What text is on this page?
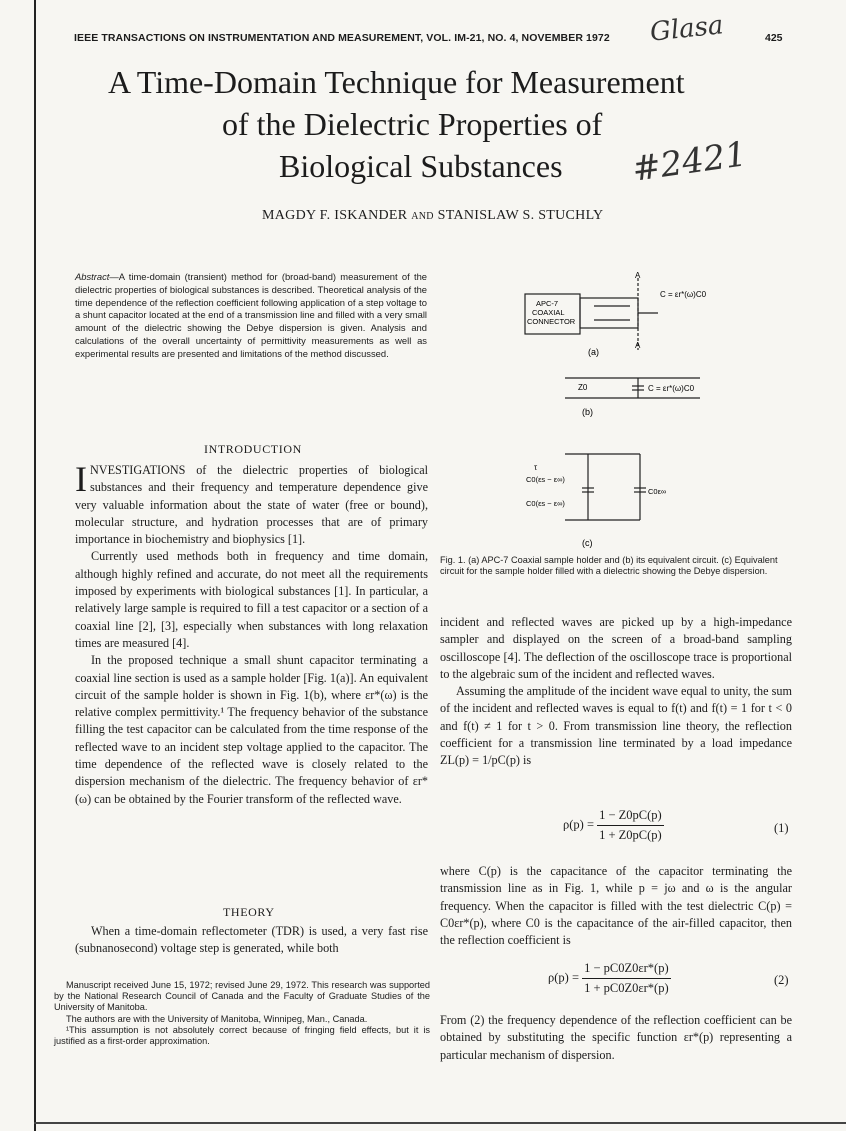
IEEE TRANSACTIONS ON INSTRUMENTATION AND MEASUREMENT, VOL. IM-21, NO. 4, NOVEMBER 1972	425
Glasa
#2421
A Time-Domain Technique for Measurement
of the Dielectric Properties of
Biological Substances
MAGDY F. ISKANDER AND STANISLAW S. STUCHLY
Abstract—A time-domain (transient) method for (broad-band) measurement of the dielectric properties of biological substances is described. Theoretical analysis of the time dependence of the reflection coefficient following application of a step voltage to a shunt capacitor located at the end of a transmission line and filled with a very small amount of the dielectric showing the Debye dispersion is given. Analysis and calculations of the overall uncertainty of permittivity measurements as well as experimental results are presented and limitations of the method discussed.
INTRODUCTION

INVESTIGATIONS of the dielectric properties of biological substances and their frequency and temperature dependence give very valuable information about the state of water (free or bound), molecular structure, and hydration processes that are of primary importance in biochemistry and biophysics [1].

Currently used methods both in frequency and time domain, although highly refined and accurate, do not meet all the requirements imposed by experiments with biological substances [1]. In particular, a relatively large sample is required to fill a test capacitor or a section of a coaxial line [2], [3], especially when substances with long relaxation times are measured [4].

In the proposed technique a small shunt capacitor terminating a coaxial line section is used as a sample holder [Fig. 1(a)]. An equivalent circuit of the sample holder is shown in Fig. 1(b), where εr*(ω) is the relative complex permittivity.¹ The frequency behavior of the substance filling the test capacitor can be calculated from the time response of the reflected wave to an incident step voltage applied to the capacitor. The time dependence of the reflected wave is closely related to the dispersion mechanism of the dielectric. The frequency behavior of εr*(ω) can be obtained by the Fourier transform of the reflected wave.

THEORY

When a time-domain reflectometer (TDR) is used, a very fast rise (subnanosecond) voltage step is generated, while both

Manuscript received June 15, 1972; revised June 29, 1972. This research was supported by the National Research Council of Canada and the Faculty of Graduate Studies of the University of Manitoba.

The authors are with the University of Manitoba, Winnipeg, Man., Canada.

¹This assumption is not absolutely correct because of fringing field effects, but it is justified as a first-order approximation.

APC-7
COAXIAL
CONNECTOR
A
A
C = εr*(ω)C0
(a)
Z0	C = εr*(ω)C0
(b)
τ
C0(εs − ε∞)
C0(εs − ε∞)
C0ε∞
(c)
Fig. 1. (a) APC-7 Coaxial sample holder and (b) its equivalent circuit. (c) Equivalent circuit for the sample holder filled with a dielectric showing the Debye dispersion.

incident and reflected waves are picked up by a high-impedance sampler and displayed on the screen of a broad-band sampling oscilloscope [4]. The deflection of the oscilloscope trace is proportional to the algebraic sum of the incident and reflected waves.

Assuming the amplitude of the incident wave equal to unity, the sum of the incident and reflected waves is equal to f(t) and f(t) = 1 for t < 0 and f(t) ≠ 1 for t > 0. From transmission line theory, the reflection coefficient for a transmission line terminated by a load impedance ZL(p) = 1/pC(p) is

$\rho(p) = \frac{1 - Z0pC(p)}{1 + Z0pC(p)}$	(1)

where C(p) is the capacitance of the capacitor terminating the transmission line as in Fig. 1, while p = jω and ω is the angular frequency. When the capacitor is filled with the test dielectric C(p) = C0εr*(p), where C0 is the capacitance of the air-filled capacitor, then the reflection coefficient is

$\rho(p) = \frac{1 - pC0Z0\varepsilon r*(p)}{1 + pC0Z0\varepsilon r*(p)}$	(2)

From (2) the frequency dependence of the reflection coefficient can be obtained by substituting the specific function εr*(p) representing a particular mechanism of dispersion.
